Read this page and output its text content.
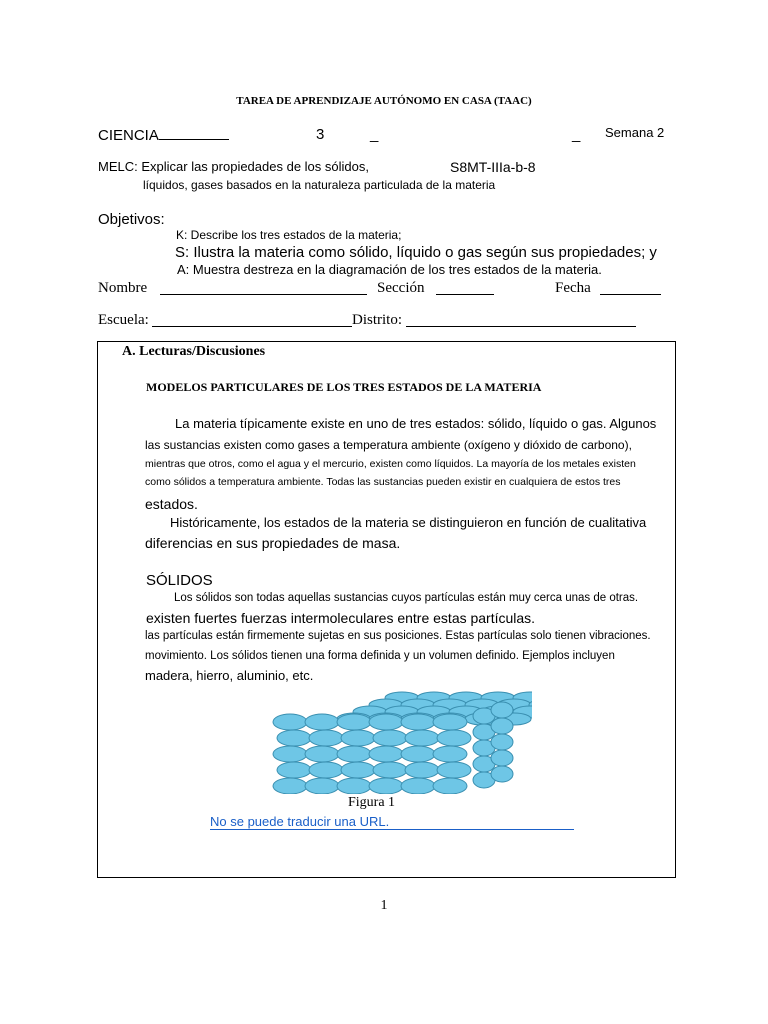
TAREA DE APRENDIZAJE AUTÓNOMO EN CASA (TAAC)
CIENCIA	3	_	_ Semana 2
MELC: Explicar las propiedades de los sólidos,	S8MT-IIIa-b-8
líquidos, gases basados en la naturaleza particulada de la materia
Objetivos:
K: Describe los tres estados de la materia;
S: Ilustra la materia como sólido, líquido o gas según sus propiedades; y
A: Muestra destreza en la diagramación de los tres estados de la materia.
Nombre	Sección	Fecha
Escuela:	Distrito:
A. Lecturas/Discusiones
MODELOS PARTICULARES DE LOS TRES ESTADOS DE LA MATERIA
La materia típicamente existe en uno de tres estados: sólido, líquido o gas. Algunos
las sustancias existen como gases a temperatura ambiente (oxígeno y dióxido de carbono),
mientras que otros, como el agua y el mercurio, existen como líquidos. La mayoría de los metales existen
como sólidos a temperatura ambiente. Todas las sustancias pueden existir en cualquiera de estos tres
estados.
Históricamente, los estados de la materia se distinguieron en función de cualitativa
diferencias en sus propiedades de masa.
SÓLIDOS
Los sólidos son todas aquellas sustancias cuyos partículas están muy cerca unas de otras.
existen fuertes fuerzas intermoleculares entre estas partículas.
las partículas están firmemente sujetas en sus posiciones. Estas partículas solo tienen vibraciones.
movimiento. Los sólidos tienen una forma definida y un volumen definido. Ejemplos incluyen
madera, hierro, aluminio, etc.
Figura 1
No se puede traducir una URL.
1
